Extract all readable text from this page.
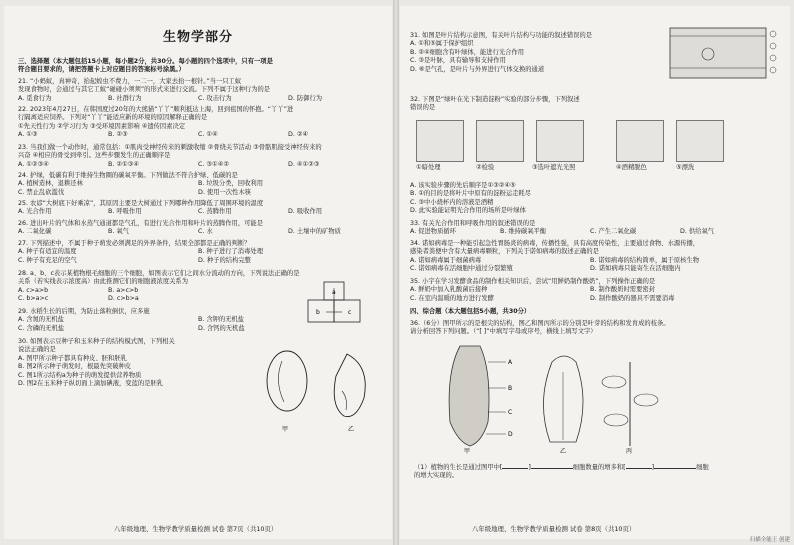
生物学部分
三、选择题（本大题包括15小题，每小题2分，共30分。每小题的四个选项中，只有一项是
符合题目要求的，请把答题卡上对应题目的答案标号涂黑。）
21. “小蚂蚁，真神奇，抬起蝗虫不费力，一二一，大家去抬一根针。”当一只工蚁
发现食物时，会通过与其它工蚁“碰碰小须须”的形式来进行交流。下列不属于这种行为的是
A. 觅食行为	B. 社群行为	C. 攻击行为	D. 防御行为
22. 2023年4月27日，在韩国度过20年的大熊猫“丫丫”顺利抵达上海，回到祖国的怀抱。“丫丫”进
行隔离适应饲养。下列对“丫丫”能适应新的环境的原因解释正确的是
①先天性行为 ②学习行为 ③受环境因素影响 ④遗传因素决定
A. ①③	B. ②③	C. ①④	D. ②④
23. 当我们做一个动作时，通常包括：①肌肉受神经传来的刺激收缩 ②骨绕关节活动 ③骨骼肌接受神经传来的
兴奋 ④相应的骨受到牵引。这些步骤发生的正确顺序是
A. ①②③④	B. ②①③④	C. ③①④②	D. ④①②③
24. 护绿，低碳有利于维持生物圈的碳氧平衡。下列做法不符合护绿、低碳的是
A. 植树造林，退耕还林	B. 垃圾分类，回收利用
C. 禁止乱砍滥伐	D. 使用一次性木筷
25. 农谚“大树底下好乘凉”，其原因主要是大树通过下列哪种作用降低了周围环境的温度
A. 光合作用	B. 呼吸作用	C. 蒸腾作用	D. 吸收作用
26. 进出叶片的气体和水蒸气通道都是气孔，有进行光合作用和叶片的蒸腾作用，可能是
A. 二氧化碳	B. 氧气	C. 水	D. 土壤中的矿物质
27. 下列描述中，不属于种子萌发必须满足的外界条件，结果全部都是正确的判断？
A. 种子有适宜的温度	B. 种子进行了消毒处理
C. 种子有充足的空气	D. 种子的结构完整
28. a、b、c表示某植物根毛细胞的三个细胞，如图表示它们之间水分流动的方向，下列说法正确的是
关系（若实线表示浓度高）由此推测它们的细胞液浓度关系为
A. c>a>b	B. a>c>b
C. b>a>c	D. c>b>a
a
b	c
29. 水稻生长的后期，为防止落粒倒伏，应多施
A. 含氮的无机盐	B. 含钾的无机盐
C. 含磷的无机盐	D. 含钙的无机盐
30. 如图表示豆种子和玉米种子的结构模式图，下列相关
说法正确的是
A. 图甲所示种子都具有种皮、胚和胚乳
B. 图2所示种子萌发时，根最先突破种皮
C. 图1所示结构a为种子的萌发提供营养物质
D. 图2在玉米种子纵切面上滴加碘液，变蓝的是胚乳
甲	乙
八年级地理、生物学教学质量检测 试卷 第7页（共10页）
31. 如图是叶片结构示意图，有关叶片结构与功能的叙述错误的是
A. ①和⑤属于保护组织
B. ②④细胞含有叶绿体，能进行光合作用
C. ③是叶脉，具有输导和支持作用
D. ⑥是气孔，是叶片与外界进行气体交换的通道
32. 下图是“绿叶在光下制造淀粉”实验的部分步骤，下列叙述
错误的是
①暗处理	②检验	③选叶遮光光照	④酒精脱色	⑤漂洗
A. 该实验步骤的先后顺序是①③②④⑤
B. ①的目的是将叶片中原有的淀粉运走耗尽
C. ③中小烧杯内的溶液是酒精
D. 此实验能证明光合作用的场所是叶绿体
33. 有关光合作用和呼吸作用的叙述错误的是
A. 促进物质循环	B. 维持碳氧平衡	C. 产生二氧化碳	D. 供给氧气
34. 诺如病毒是一种能引起急性胃肠炎的病毒，传播性强，具有高度传染性，主要通过食物、水源传播，
感染者粪便中含有大量病毒颗粒，下列关于诺如病毒的叙述正确的是
A. 诺如病毒属于细菌病毒	B. 诺如病毒的结构简单，属于原核生物
C. 诺如病毒在活细胞中通过分裂繁殖	D. 诺如病毒只能寄生在活细胞内
35. 小宇在学习发酵食品的制作相关知识后，尝试“用鲜奶制作酸奶”，下列操作正确的是
A. 鲜奶中加入乳酸菌后接种	B. 制作酸奶时需要密封
C. 在室内温暖的地方进行发酵	D. 制作酸奶的器具不需要消毒
四、综合题（本大题包括5小题，共30分）
36.（6分）图甲所示的是根尖的结构，图乙和图丙所示的分别是叶芽的结构和发育成的枝条。
请分析回答下列问题。（“[ ]”中填写字母或序号，横线上填写文字）
A
B
C
D
甲	乙	丙
（1）植物的生长是通过图甲中[	]	细胞数量的增多和[	]	细胞
的增大实现的。
八年级地理、生物学教学质量检测 试卷 第8页（共10页）
扫描全能王 创建
